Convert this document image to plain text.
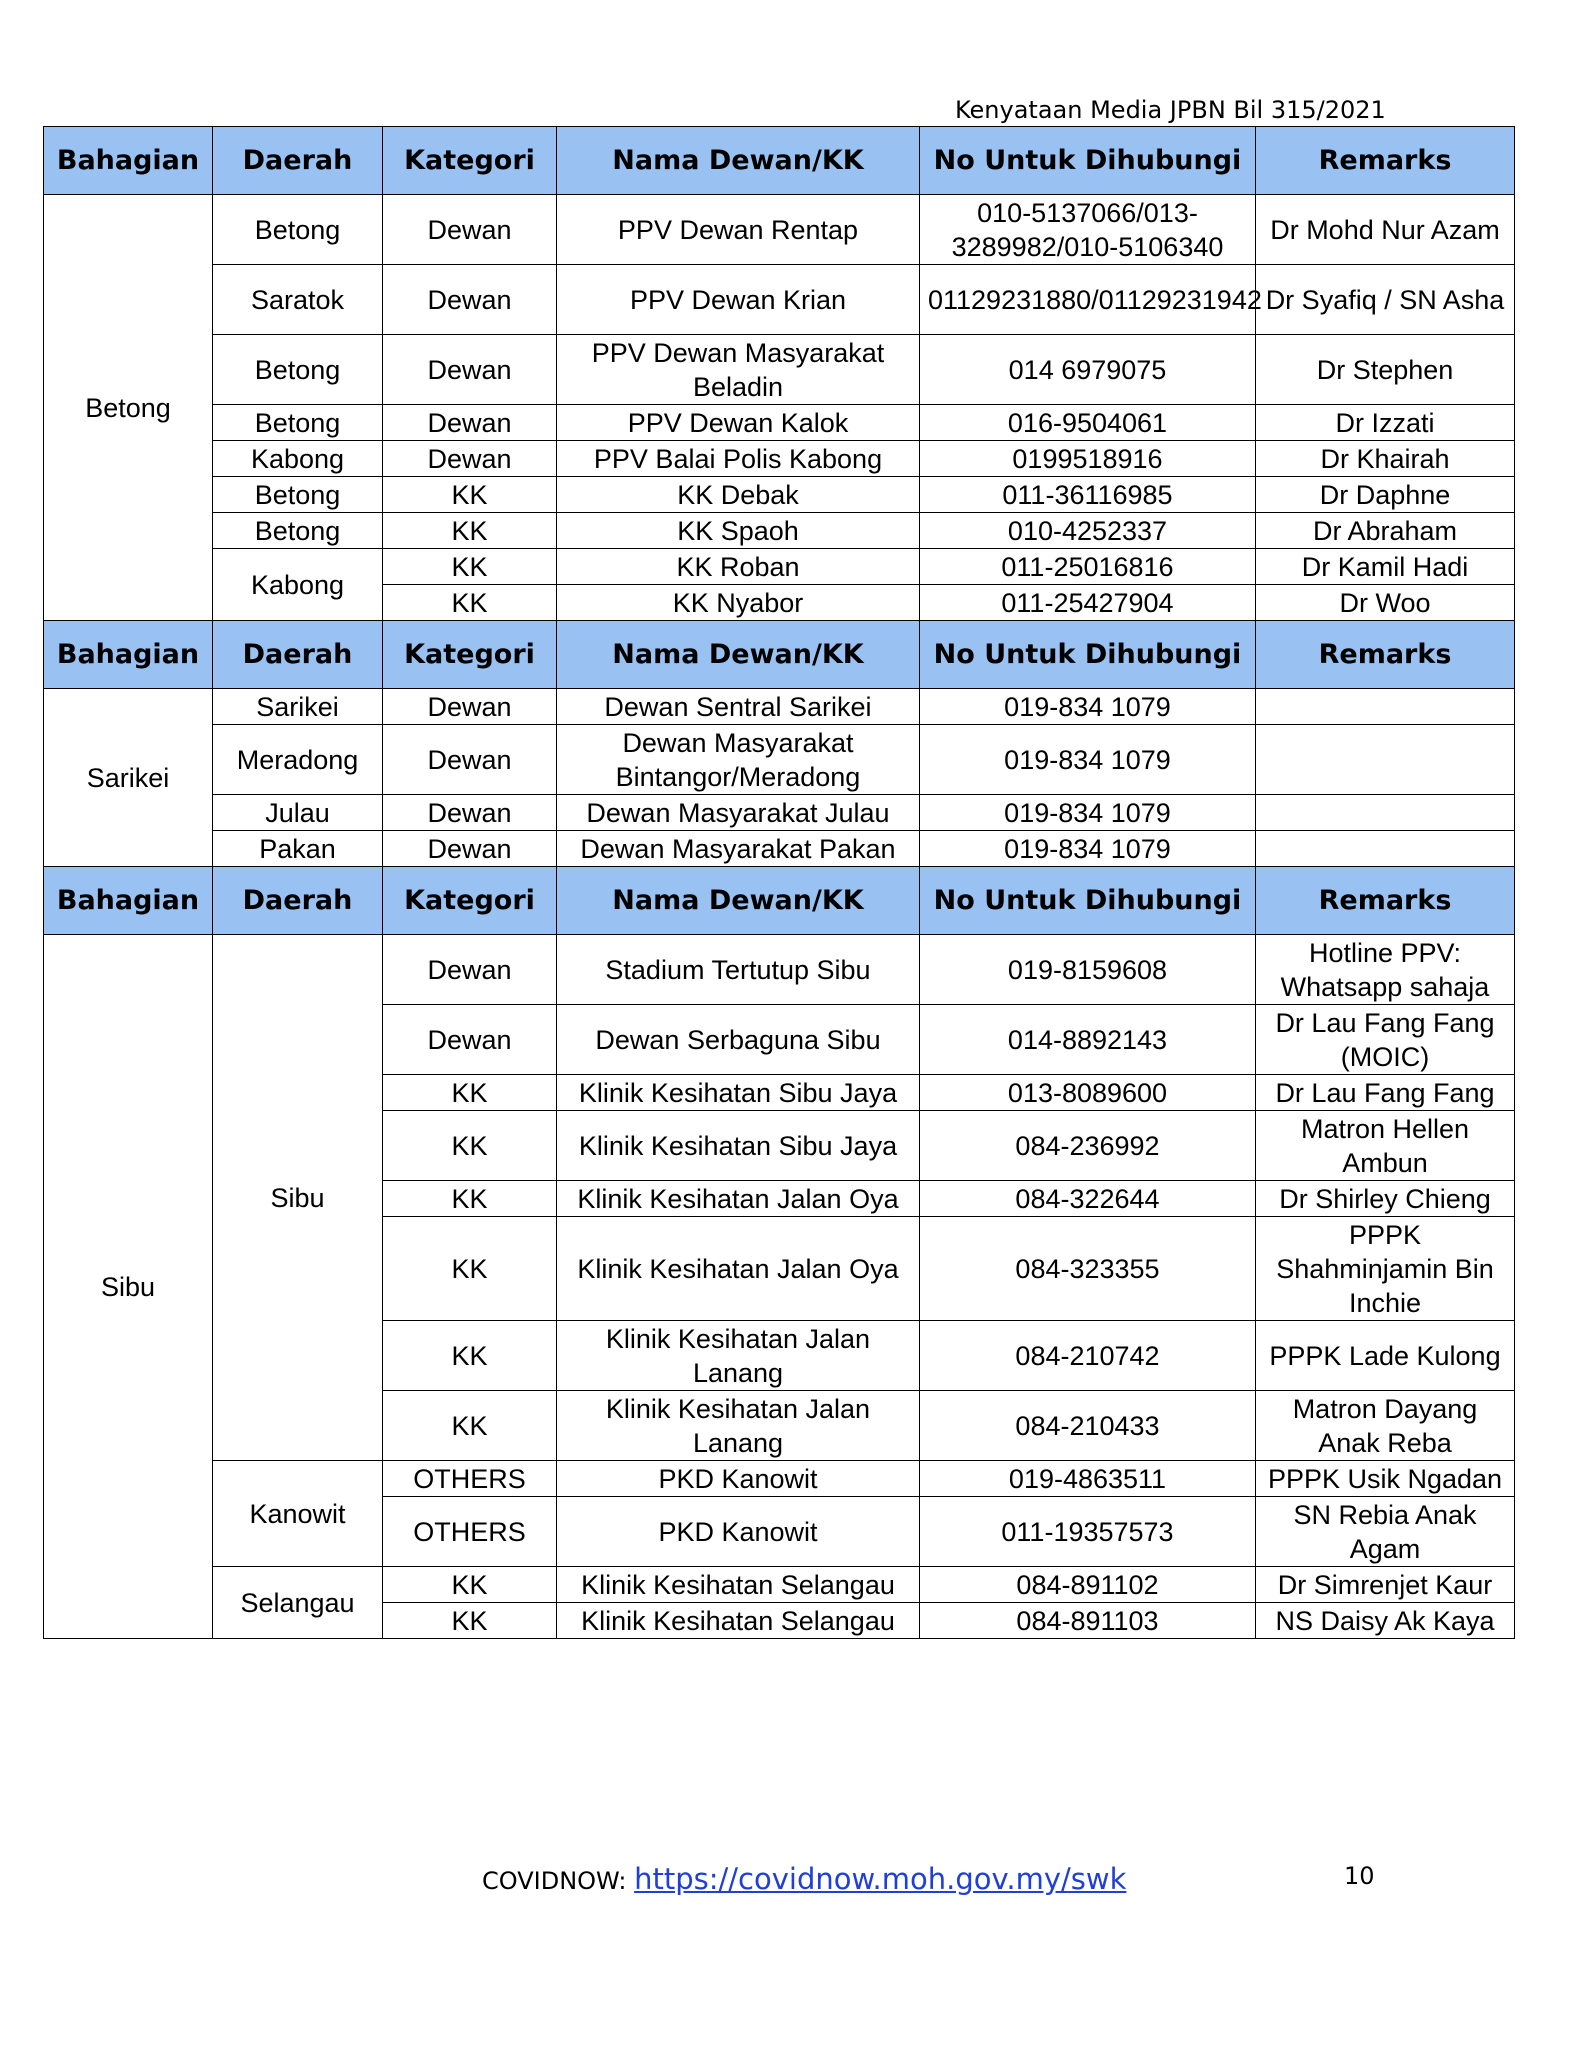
Kenyataan Media JPBN Bil 315/2021
Bahagian	Daerah	Kategori	Nama Dewan/KK	No Untuk Dihubungi	Remarks
Betong	Betong	Dewan	PPV Dewan Rentap	010-5137066/013-3289982/010-5106340	Dr Mohd Nur Azam
	Saratok	Dewan	PPV Dewan Krian	01129231880/01129231942	Dr Syafiq / SN Asha
	Betong	Dewan	PPV Dewan Masyarakat Beladin	014 6979075	Dr Stephen
	Betong	Dewan	PPV Dewan Kalok	016-9504061	Dr Izzati
	Kabong	Dewan	PPV Balai Polis Kabong	0199518916	Dr Khairah
	Betong	KK	KK Debak	011-36116985	Dr Daphne
	Betong	KK	KK Spaoh	010-4252337	Dr Abraham
	Kabong	KK	KK Roban	011-25016816	Dr Kamil Hadi
		KK	KK Nyabor	011-25427904	Dr Woo
Bahagian	Daerah	Kategori	Nama Dewan/KK	No Untuk Dihubungi	Remarks
Sarikei	Sarikei	Dewan	Dewan Sentral Sarikei	019-834 1079	
	Meradong	Dewan	Dewan Masyarakat Bintangor/Meradong	019-834 1079	
	Julau	Dewan	Dewan Masyarakat Julau	019-834 1079	
	Pakan	Dewan	Dewan Masyarakat Pakan	019-834 1079	
Bahagian	Daerah	Kategori	Nama Dewan/KK	No Untuk Dihubungi	Remarks
Sibu	Sibu	Dewan	Stadium Tertutup Sibu	019-8159608	Hotline PPV: Whatsapp sahaja
		Dewan	Dewan Serbaguna Sibu	014-8892143	Dr Lau Fang Fang (MOIC)
		KK	Klinik Kesihatan Sibu Jaya	013-8089600	Dr Lau Fang Fang
		KK	Klinik Kesihatan Sibu Jaya	084-236992	Matron Hellen Ambun
		KK	Klinik Kesihatan Jalan Oya	084-322644	Dr Shirley Chieng
		KK	Klinik Kesihatan Jalan Oya	084-323355	PPPK Shahminjamin Bin Inchie
		KK	Klinik Kesihatan Jalan Lanang	084-210742	PPPK Lade Kulong
		KK	Klinik Kesihatan Jalan Lanang	084-210433	Matron Dayang Anak Reba
	Kanowit	OTHERS	PKD Kanowit	019-4863511	PPPK Usik Ngadan
		OTHERS	PKD Kanowit	011-19357573	SN Rebia Anak Agam
	Selangau	KK	Klinik Kesihatan Selangau	084-891102	Dr Simrenjet Kaur
		KK	Klinik Kesihatan Selangau	084-891103	NS Daisy Ak Kaya
COVIDNOW: https://covidnow.moh.gov.my/swk	10
